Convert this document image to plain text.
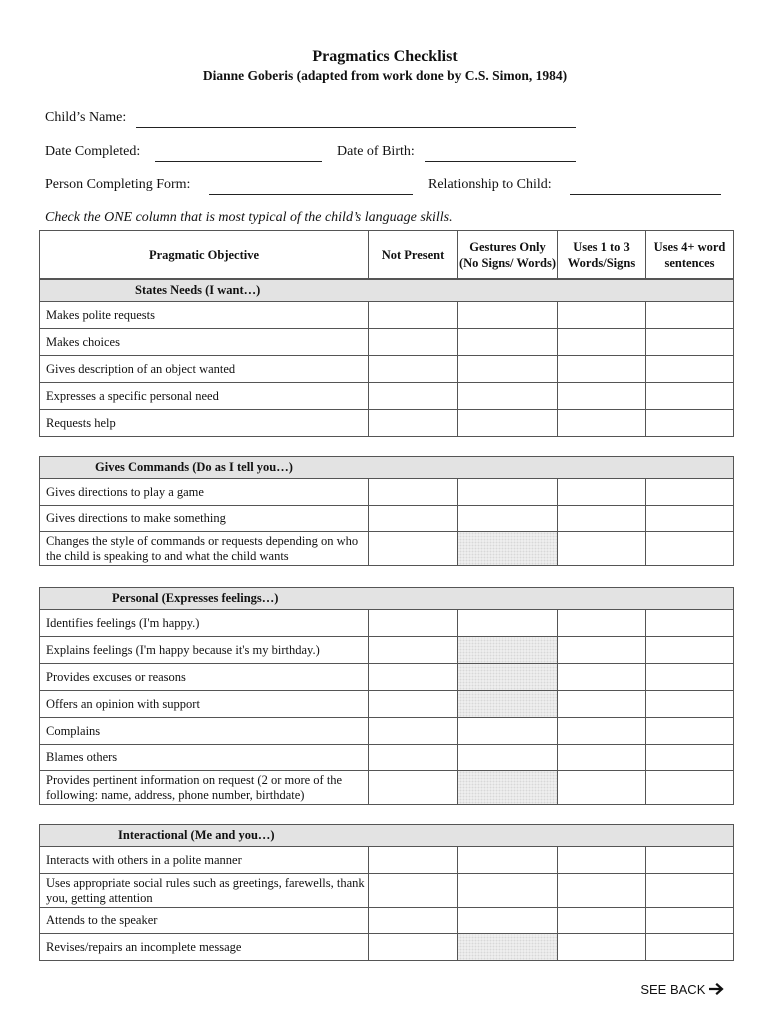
Pragmatics Checklist
Dianne Goberis (adapted from work done by C.S. Simon, 1984)
Child’s Name:
Date Completed:	Date of Birth:
Person Completing Form:	Relationship to Child:
Check the ONE column that is most typical of the child’s language skills.
Pragmatic Objective	Not Present	Gestures Only (No Signs/ Words)	Uses 1 to 3 Words/Signs	Uses 4+ word sentences
States Needs (I want…)				
Makes polite requests				
Makes choices				
Gives description of an object wanted				
Expresses a specific personal need				
Requests help				
Gives Commands (Do as I tell you…)				
Gives directions to play a game				
Gives directions to make something				
Changes the style of commands or requests depending on who the child is speaking to and what the child wants				
Personal (Expresses feelings…)				
Identifies feelings (I'm happy.)				
Explains feelings (I'm happy because it's my birthday.)				
Provides excuses or reasons				
Offers an opinion with support				
Complains				
Blames others				
Provides pertinent information on request (2 or more of the following: name, address, phone number, birthdate)				
Interactional (Me and you…)				
Interacts with others in a polite manner				
Uses appropriate social rules such as greetings, farewells, thank you, getting attention				
Attends to the speaker				
Revises/repairs an incomplete message				
SEE BACK
